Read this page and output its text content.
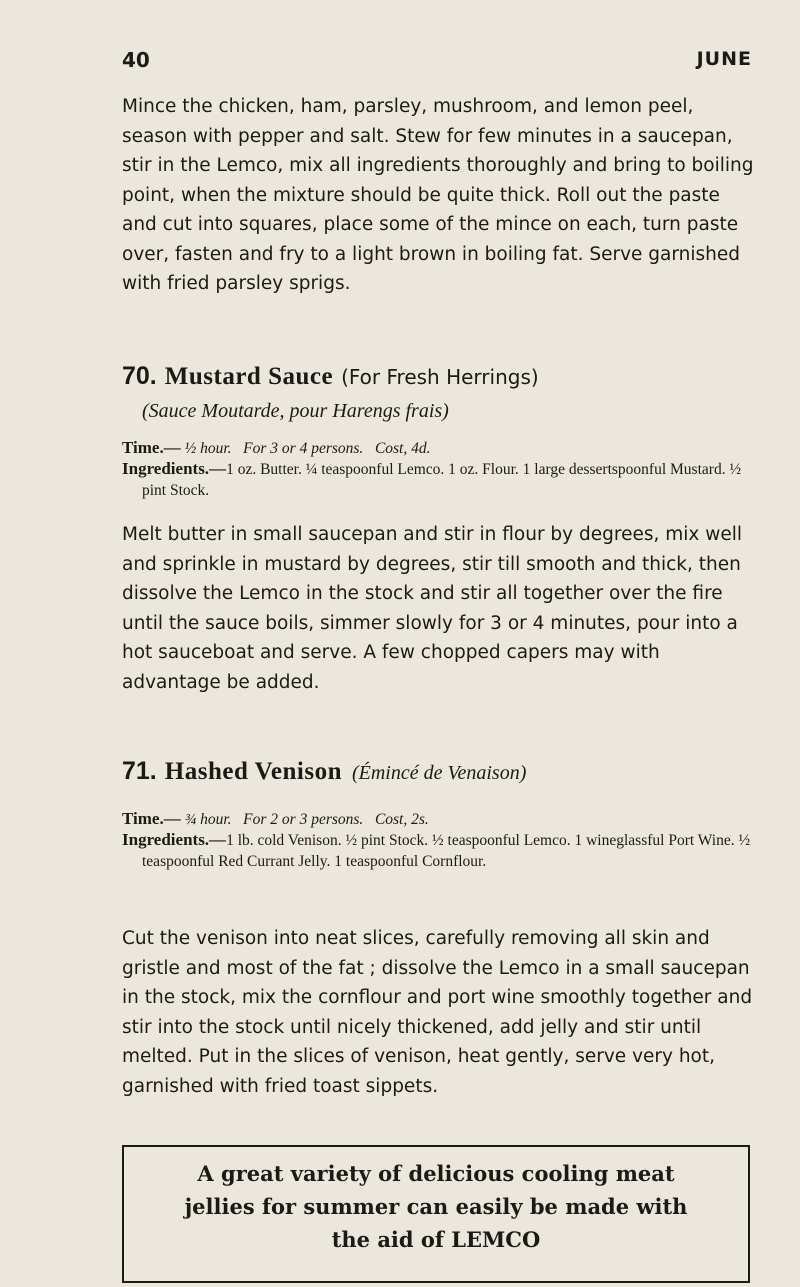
40	JUNE

Mince the chicken, ham, parsley, mushroom, and lemon peel, season with pepper and salt. Stew for few minutes in a saucepan, stir in the Lemco, mix all ingredients thoroughly and bring to boiling point, when the mixture should be quite thick. Roll out the paste and cut into squares, place some of the mince on each, turn paste over, fasten and fry to a light brown in boiling fat. Serve garnished with fried parsley sprigs.

70. Mustard Sauce (For Fresh Herrings)
(Sauce Moutarde, pour Harengs frais)
Time.— ½ hour. For 3 or 4 persons. Cost, 4d.
Ingredients.—1 oz. Butter. ¼ teaspoonful Lemco. 1 oz. Flour. 1 large dessertspoonful Mustard. ½ pint Stock.

Melt butter in small saucepan and stir in flour by degrees, mix well and sprinkle in mustard by degrees, stir till smooth and thick, then dissolve the Lemco in the stock and stir all together over the fire until the sauce boils, simmer slowly for 3 or 4 minutes, pour into a hot sauceboat and serve. A few chopped capers may with advantage be added.

71. Hashed Venison (Émincé de Venaison)
Time.— ¾ hour. For 2 or 3 persons. Cost, 2s.
Ingredients.—1 lb. cold Venison. ½ pint Stock. ½ teaspoonful Lemco. 1 wineglassful Port Wine. ½ teaspoonful Red Currant Jelly. 1 teaspoonful Cornflour.

Cut the venison into neat slices, carefully removing all skin and gristle and most of the fat ; dissolve the Lemco in a small saucepan in the stock, mix the cornflour and port wine smoothly together and stir into the stock until nicely thickened, add jelly and stir until melted. Put in the slices of venison, heat gently, serve very hot, garnished with fried toast sippets.

A great variety of delicious cooling meat
jellies for summer can easily be made with
the aid of LEMCO
